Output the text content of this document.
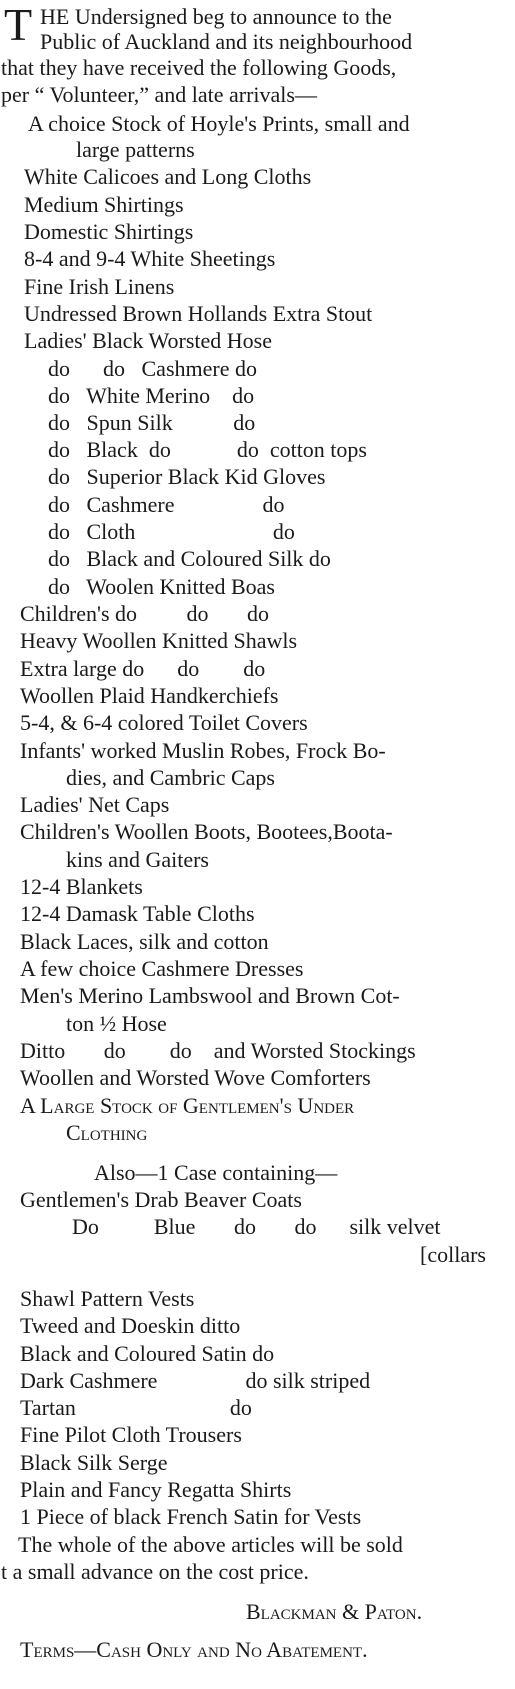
T HE Undersigned beg to announce to the
Public of Auckland and its neighbourhood
that they have received the following Goods,
per “ Volunteer,” and late arrivals—
A choice Stock of Hoyle's Prints, small and
large patterns
White Calicoes and Long Cloths
Medium Shirtings
Domestic Shirtings
8-4 and 9-4 White Sheetings
Fine Irish Linens
Undressed Brown Hollands Extra Stout
Ladies' Black Worsted Hose
do      do   Cashmere do
do   White Merino    do
do   Spun Silk           do
do   Black  do            do  cotton tops
do   Superior Black Kid Gloves
do   Cashmere                do
do   Cloth                         do
do   Black and Coloured Silk do
do   Woolen Knitted Boas
Children's do         do       do
Heavy Woollen Knitted Shawls
Extra large do      do        do
Woollen Plaid Handkerchiefs
5-4, & 6-4 colored Toilet Covers
Infants' worked Muslin Robes, Frock Bo-
dies, and Cambric Caps
Ladies' Net Caps
Children's Woollen Boots, Bootees,Boota-
kins and Gaiters
12-4 Blankets
12-4 Damask Table Cloths
Black Laces, silk and cotton
A few choice Cashmere Dresses
Men's Merino Lambswool and Brown Cot-
ton ½ Hose
Ditto       do        do    and Worsted Stockings
Woollen and Worsted Wove Comforters
A Large Stock of Gentlemen's Under
Clothing
Also—1 Case containing—
Gentlemen's Drab Beaver Coats
Do          Blue       do       do      silk velvet
[collars
Shawl Pattern Vests
Tweed and Doeskin ditto
Black and Coloured Satin do
Dark Cashmere                do silk striped
Tartan                            do
Fine Pilot Cloth Trousers
Black Silk Serge
Plain and Fancy Regatta Shirts
1 Piece of black French Satin for Vests
The whole of the above articles will be sold
t a small advance on the cost price.
Blackman & Paton.
Terms—Cash Only and No Abatement.
